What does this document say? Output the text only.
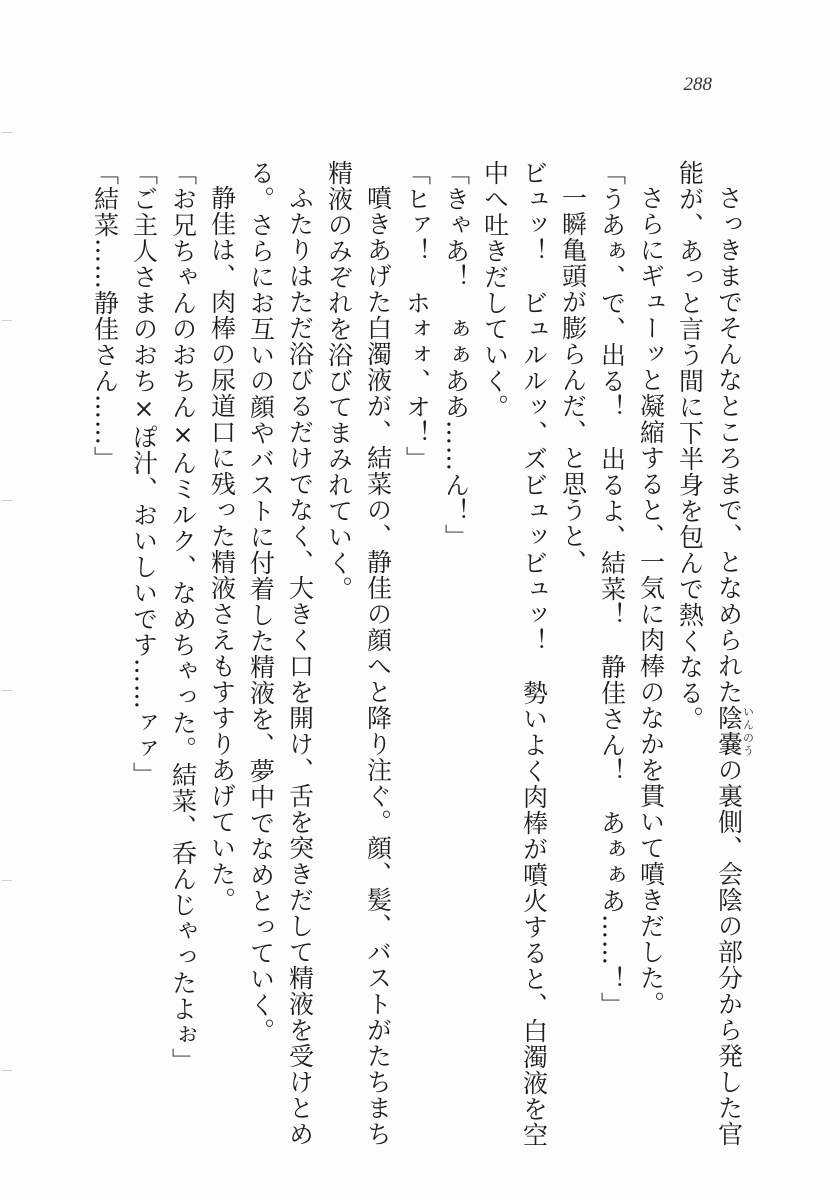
288

さっきまでそんなところまで、となめられた陰嚢いんのうの裏側、会陰の部分から発した官能が、あっと言う間に下半身を包んで熱くなる。

さらにギューッと凝縮すると、一気に肉棒のなかを貫いて噴きだした。

「うあぁ、で、出る！　出るよ、結菜！　静佳さん！　あぁぁあ……！」

一瞬亀頭が膨らんだ、と思うと、

ビュッ！　ビュルルッ、ズビュッビュッ！　勢いよく肉棒が噴火すると、白濁液を空中へ吐きだしていく。

「きゃあ！　ぁぁああ……ん！」

「ヒァ！　ホォォ、オ！」

噴きあげた白濁液が、結菜の、静佳の顔へと降り注ぐ。顔、髪、バストがたちまち精液のみぞれを浴びてまみれていく。

ふたりはただ浴びるだけでなく、大きく口を開け、舌を突きだして精液を受けとめる。さらにお互いの顔やバストに付着した精液を、夢中でなめとっていく。

静佳は、肉棒の尿道口に残った精液さえもすすりあげていた。

「お兄ちゃんのおちん×んミルク、なめちゃった。結菜、呑んじゃったよぉ」

「ご主人さまのおち×ぽ汁、おいしいです……ァァ」

「結菜……静佳さん……」
